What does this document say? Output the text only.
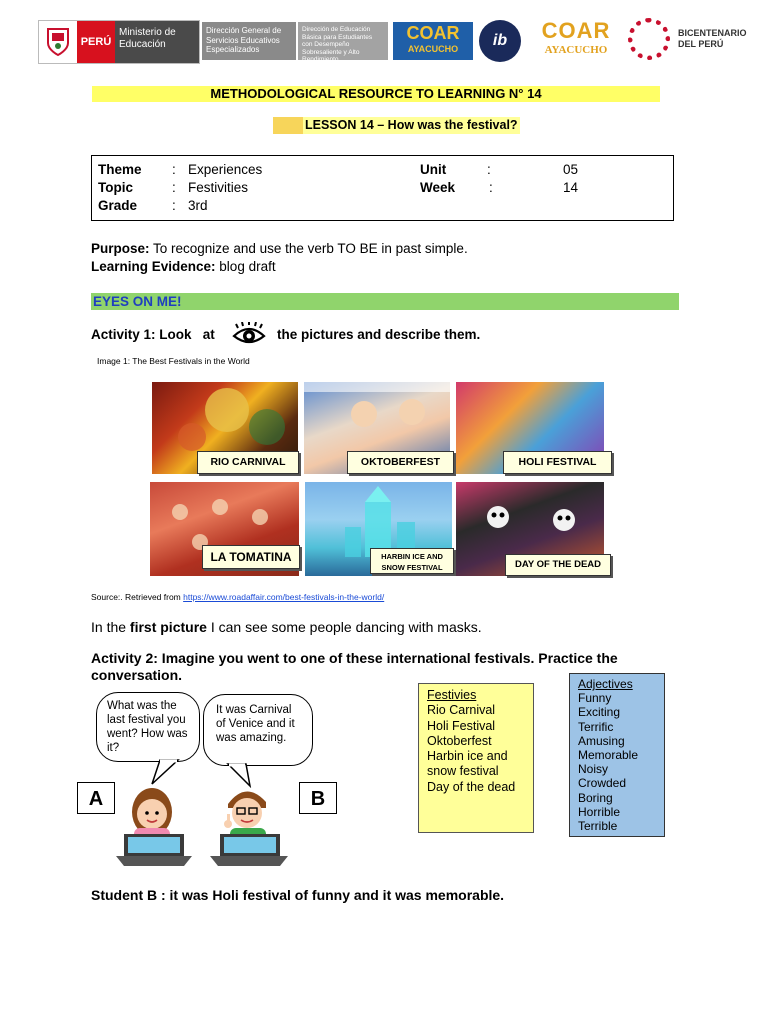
PERÚ
Ministerio de Educación
Dirección General de Servicios Educativos Especializados
Dirección de Educación Básica para Estudiantes con Desempeño Sobresaliente y Alto Rendimiento
COAR
AYACUCHO	ib	COAR
AYACUCHO
BICENTENARIO DEL PERÚ
METHODOLOGICAL RESOURCE TO LEARNING N° 14
LESSON 14 – How was the festival?
Theme : Experiences
Topic	: Festivities
Grade	: 3rd
Unit	:	05
Week	:	14
Purpose: To recognize and use the verb TO BE in past simple.
Learning Evidence: blog draft
EYES ON ME!
Activity 1: Look   at	the pictures and describe them.
Image 1: The Best Festivals in the World
RIO CARNIVAL	OKTOBERFEST	HOLI FESTIVAL
LA TOMATINA	HARBIN ICE AND SNOW FESTIVAL	DAY OF THE DEAD
Source:. Retrieved from https://www.roadaffair.com/best-festivals-in-the-world/
In the first picture I can see some people dancing with masks.
Activity 2: Imagine you went to one of these international festivals. Practice the conversation.
What was the last festival you went? How was it?
It was Carnival of Venice and it was amazing.
A	B
Festivies
Rio Carnival
Holi Festival
Oktoberfest
Harbin ice and snow festival
Day of the dead
Adjectives
Funny
Exciting
Terrific
Amusing
Memorable
Noisy
Crowded
Boring
Horrible
Terrible
Student B : it was Holi festival of funny and it was memorable.
